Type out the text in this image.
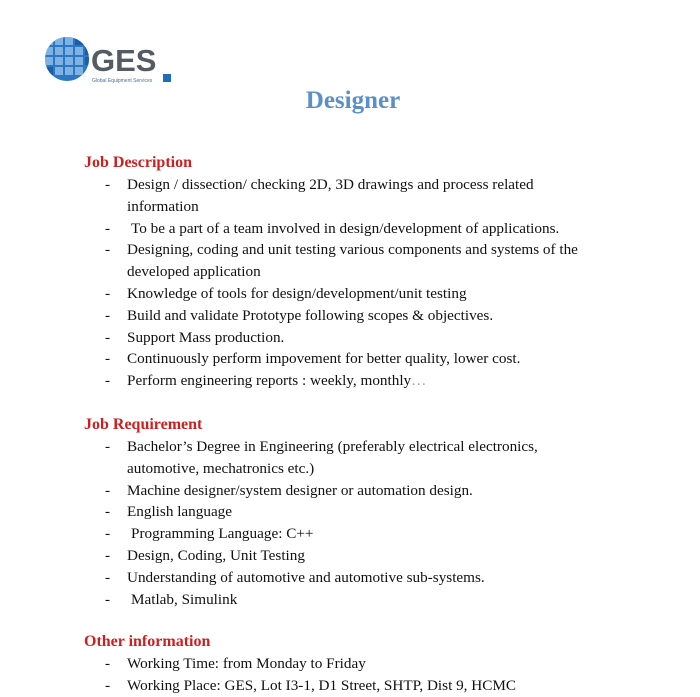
GES
Global Equipment Services
Designer
Job Description
- Design / dissection/ checking 2D, 3D drawings and process related information
- To be a part of a team involved in design/development of applications.
- Designing, coding and unit testing various components and systems of the developed application
- Knowledge of tools for design/development/unit testing
- Build and validate Prototype following scopes & objectives.
- Support Mass production.
- Continuously perform impovement for better quality, lower cost.
- Perform engineering reports : weekly, monthly…
Job Requirement
- Bachelor’s Degree in Engineering (preferably electrical electronics, automotive, mechatronics etc.)
- Machine designer/system designer or automation design.
- English language
- Programming Language: C++
- Design, Coding, Unit Testing
- Understanding of automotive and automotive sub-systems.
- Matlab, Simulink
Other information
- Working Time: from Monday to Friday
- Working Place: GES, Lot I3-1, D1 Street, SHTP, Dist 9, HCMC
